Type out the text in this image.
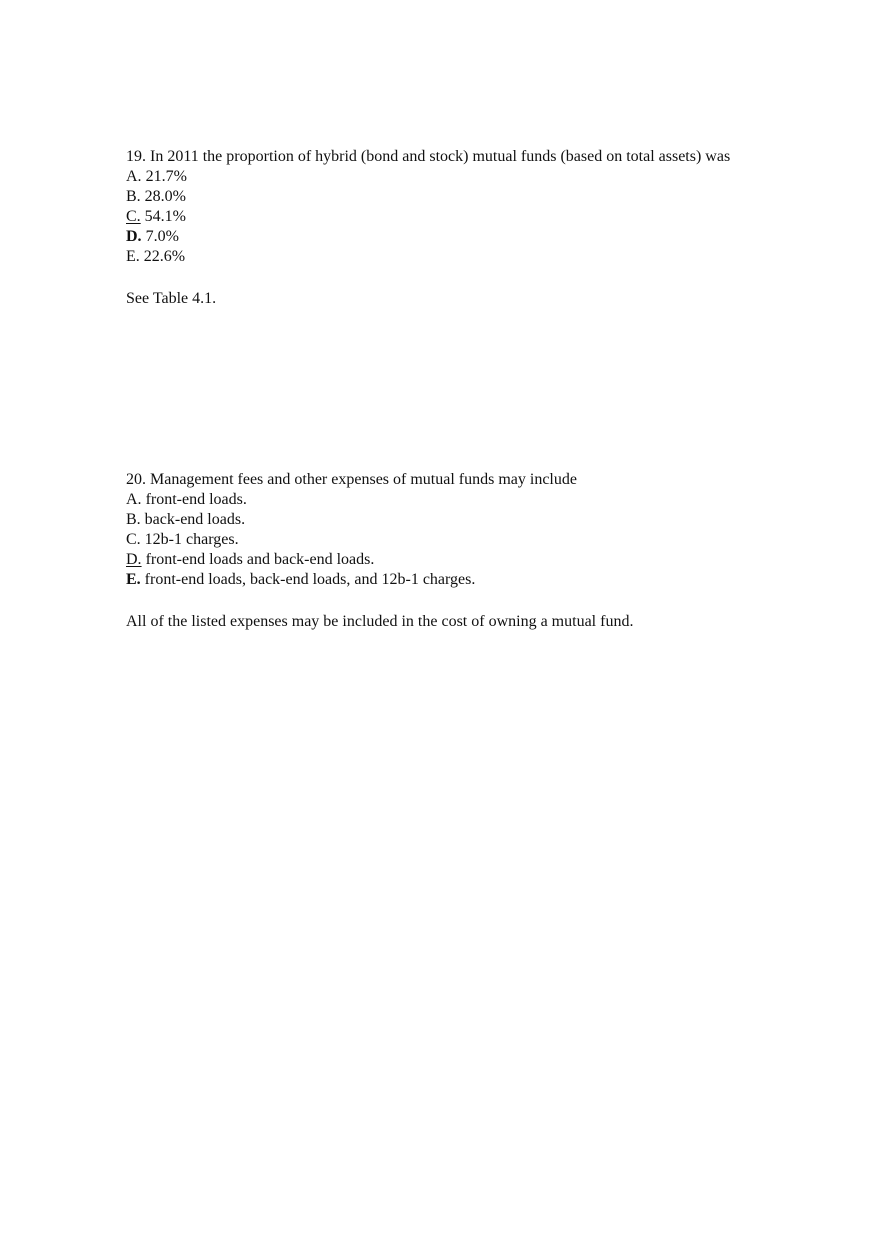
19. In 2011 the proportion of hybrid (bond and stock) mutual funds (based on total assets) was

A. 21.7%
B. 28.0%
C. 54.1%
D. 7.0%
E. 22.6%

See Table 4.1.

20. Management fees and other expenses of mutual funds may include

A. front-end loads.
B. back-end loads.
C. 12b-1 charges.
D. front-end loads and back-end loads.
E. front-end loads, back-end loads, and 12b-1 charges.

All of the listed expenses may be included in the cost of owning a mutual fund.
